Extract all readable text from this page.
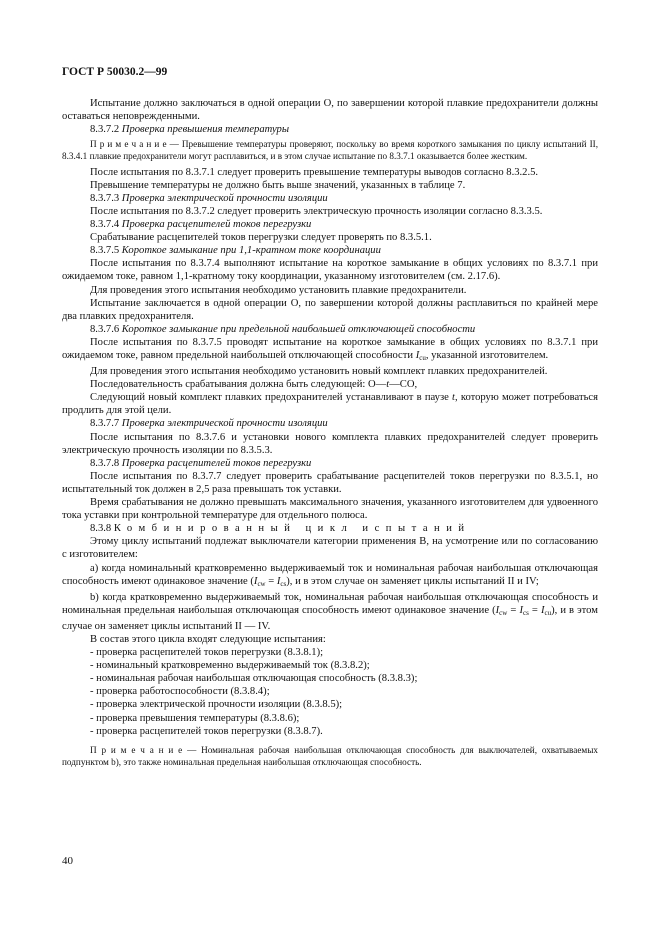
ГОСТ Р 50030.2—99

Испытание должно заключаться в одной операции О, по завершении которой плавкие предохранители должны оставаться неповрежденными.

8.3.7.2 Проверка превышения температуры

П р и м е ч а н и е — Превышение температуры проверяют, поскольку во время короткого замыкания по циклу испытаний II, 8.3.4.1 плавкие предохранители могут расплавиться, и в этом случае испытание по 8.3.7.1 оказывается более жестким.

После испытания по 8.3.7.1 следует проверить превышение температуры выводов согласно 8.3.2.5.

Превышение температуры не должно быть выше значений, указанных в таблице 7.

8.3.7.3 Проверка электрической прочности изоляции

После испытания по 8.3.7.2 следует проверить электрическую прочность изоляции согласно 8.3.3.5.

8.3.7.4 Проверка расцепителей токов перегрузки

Срабатывание расцепителей токов перегрузки следует проверять по 8.3.5.1.

8.3.7.5 Короткое замыкание при 1,1-кратном токе координации

После испытания по 8.3.7.4 выполняют испытание на короткое замыкание в общих условиях по 8.3.7.1 при ожидаемом токе, равном 1,1-кратному току координации, указанному изготовителем (см. 2.17.6).

Для проведения этого испытания необходимо установить плавкие предохранители.

Испытание заключается в одной операции О, по завершении которой должны расплавиться по крайней мере два плавких предохранителя.

8.3.7.6 Короткое замыкание при предельной наибольшей отключающей способности

После испытания по 8.3.7.5 проводят испытание на короткое замыкание в общих условиях по 8.3.7.1 при ожидаемом токе, равном предельной наибольшей отключающей способности $I_{cu}$, указанной изготовителем.

Для проведения этого испытания необходимо установить новый комплект плавких предохранителей.

Последовательность срабатывания должна быть следующей: О—t—СО,

Следующий новый комплект плавких предохранителей устанавливают в паузе t, которую может потребоваться продлить для этой цели.

8.3.7.7 Проверка электрической прочности изоляции

После испытания по 8.3.7.6 и установки нового комплекта плавких предохранителей следует проверить электрическую прочность изоляции по 8.3.5.3.

8.3.7.8 Проверка расцепителей токов перегрузки

После испытания по 8.3.7.7 следует проверить срабатывание расцепителей токов перегрузки по 8.3.5.1, но испытательный ток должен в 2,5 раза превышать ток уставки.

Время срабатывания не должно превышать максимального значения, указанного изготовителем для удвоенного тока уставки при контрольной температуре для отдельного полюса.

8.3.8 Комбинированный цикл испытаний

Этому циклу испытаний подлежат выключатели категории применения В, на усмотрение или по согласованию с изготовителем:

а) когда номинальный кратковременно выдерживаемый ток и номинальная рабочая наибольшая отключающая способность имеют одинаковое значение $(I_{cw} = I_{cs})$, и в этом случае он заменяет циклы испытаний II и IV;

b) когда кратковременно выдерживаемый ток, номинальная рабочая наибольшая отключающая способность и номинальная предельная наибольшая отключающая способность имеют одинаковое значение $(I_{cw} = I_{cs} = I_{cu})$, и в этом случае он заменяет циклы испытаний II — IV.

В состав этого цикла входят следующие испытания:

- проверка расцепителей токов перегрузки (8.3.8.1);

- номинальный кратковременно выдерживаемый ток (8.3.8.2);

- номинальная рабочая наибольшая отключающая способность (8.3.8.3);

- проверка работоспособности (8.3.8.4);

- проверка электрической прочности изоляции (8.3.8.5);

- проверка превышения температуры (8.3.8.6);

- проверка расцепителей токов перегрузки (8.3.8.7).

П р и м е ч а н и е — Номинальная рабочая наибольшая отключающая способность для выключателей, охватываемых подпунктом b), это также номинальная предельная наибольшая отключающая способность.

40
